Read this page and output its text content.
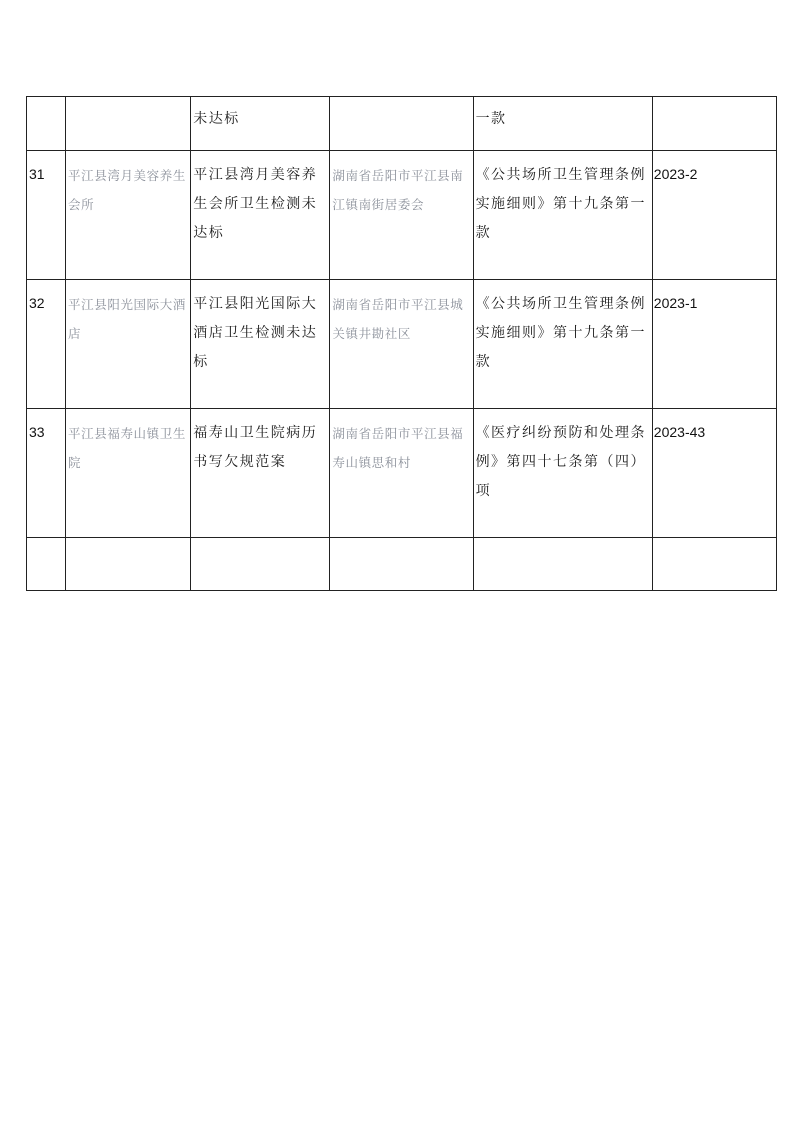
		未达标		一款	

31	平江县湾月美容养生会所	平江县湾月美容养生会所卫生检测未达标	湖南省岳阳市平江县南江镇南街居委会	《公共场所卫生管理条例实施细则》第十九条第一款	2023-2

32	平江县阳光国际大酒店	平江县阳光国际大酒店卫生检测未达标	湖南省岳阳市平江县城关镇井勘社区	《公共场所卫生管理条例实施细则》第十九条第一款	2023-1

33	平江县福寿山镇卫生院	福寿山卫生院病历书写欠规范案	湖南省岳阳市平江县福寿山镇思和村	《医疗纠纷预防和处理条例》第四十七条第（四）项	2023-43
